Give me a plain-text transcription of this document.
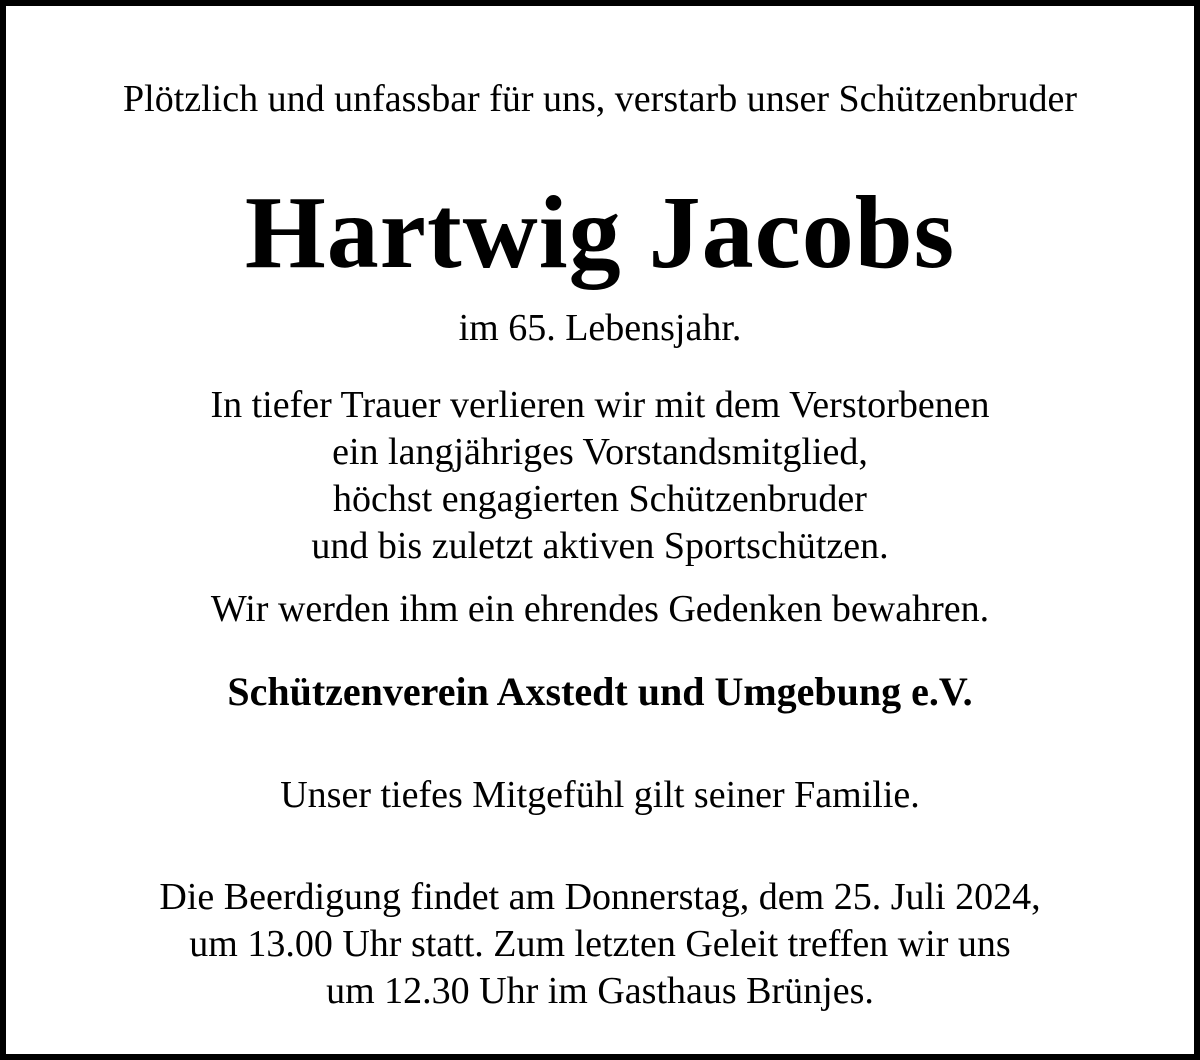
Plötzlich und unfassbar für uns, verstarb unser Schützenbruder
Hartwig Jacobs
im 65. Lebensjahr.
In tiefer Trauer verlieren wir mit dem Verstorbenen
ein langjähriges Vorstandsmitglied,
höchst engagierten Schützenbruder
und bis zuletzt aktiven Sportschützen.
Wir werden ihm ein ehrendes Gedenken bewahren.
Schützenverein Axstedt und Umgebung e.V.
Unser tiefes Mitgefühl gilt seiner Familie.
Die Beerdigung findet am Donnerstag, dem 25. Juli 2024,
um 13.00 Uhr statt. Zum letzten Geleit treffen wir uns
um 12.30 Uhr im Gasthaus Brünjes.
